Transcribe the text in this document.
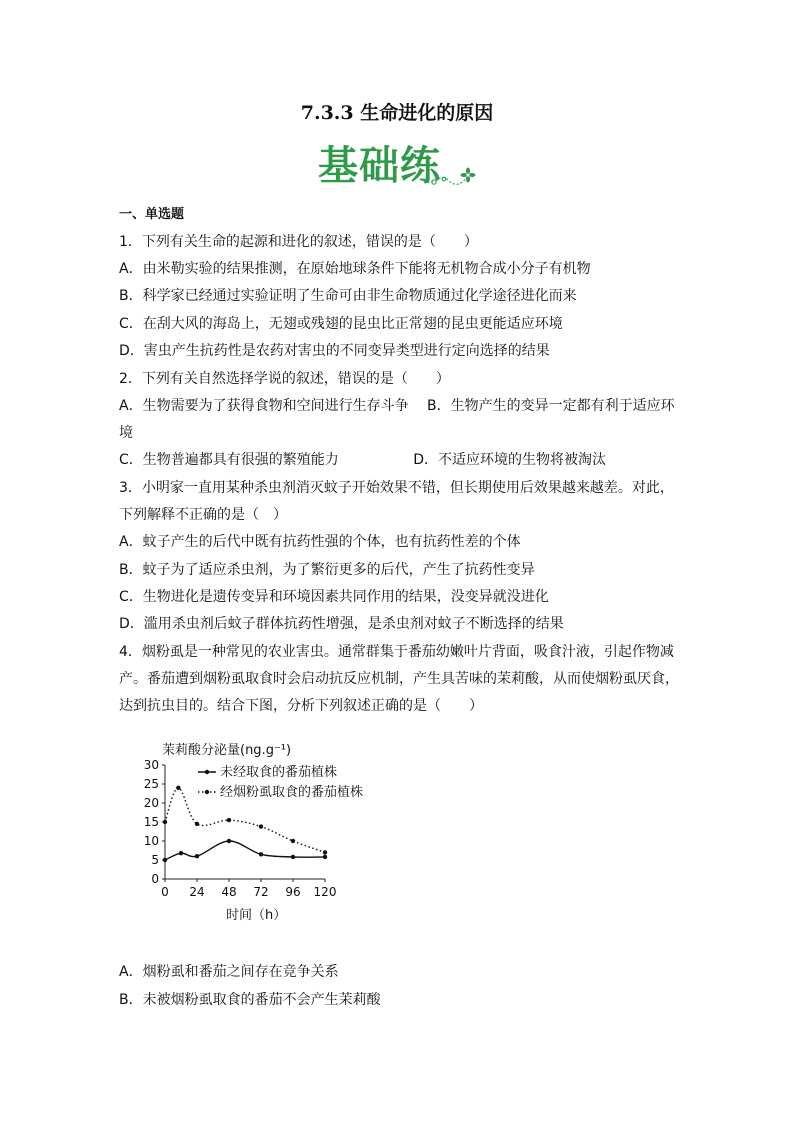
7.3.3 生命进化的原因
基础练
一、单选题
1．下列有关生命的起源和进化的叙述，错误的是（　　）
A．由米勒实验的结果推测，在原始地球条件下能将无机物合成小分子有机物
B．科学家已经通过实验证明了生命可由非生命物质通过化学途径进化而来
C．在刮大风的海岛上，无翅或残翅的昆虫比正常翅的昆虫更能适应环境
D．害虫产生抗药性是农药对害虫的不同变异类型进行定向选择的结果
2．下列有关自然选择学说的叙述，错误的是（　　）
A．生物需要为了获得食物和空间进行生存斗争　 B．生物产生的变异一定都有利于适应环
境
C．生物普遍都具有很强的繁殖能力　　　　　 D．不适应环境的生物将被淘汰
3．小明家一直用某种杀虫剂消灭蚊子开始效果不错，但长期使用后效果越来越差。对此，
下列解释不正确的是（　）
A．蚊子产生的后代中既有抗药性强的个体，也有抗药性差的个体
B．蚊子为了适应杀虫剂，为了繁衍更多的后代，产生了抗药性变异
C．生物进化是遗传变异和环境因素共同作用的结果，没变异就没进化
D．滥用杀虫剂后蚊子群体抗药性增强，是杀虫剂对蚊子不断选择的结果
4．烟粉虱是一种常见的农业害虫。通常群集于番茄幼嫩叶片背面，吸食汁液，引起作物减
产。番茄遭到烟粉虱取食时会启动抗反应机制，产生具苦味的茉莉酸，从而使烟粉虱厌食，
达到抗虫目的。结合下图，分析下列叙述正确的是（　　）
茉莉酸分泌量(ng.g⁻¹)
0
5
10
15
20
25
30
0 24 48 72 96 120
未经取食的番茄植株
经烟粉虱取食的番茄植株
时间（h）
A．烟粉虱和番茄之间存在竞争关系
B．未被烟粉虱取食的番茄不会产生茉莉酸
